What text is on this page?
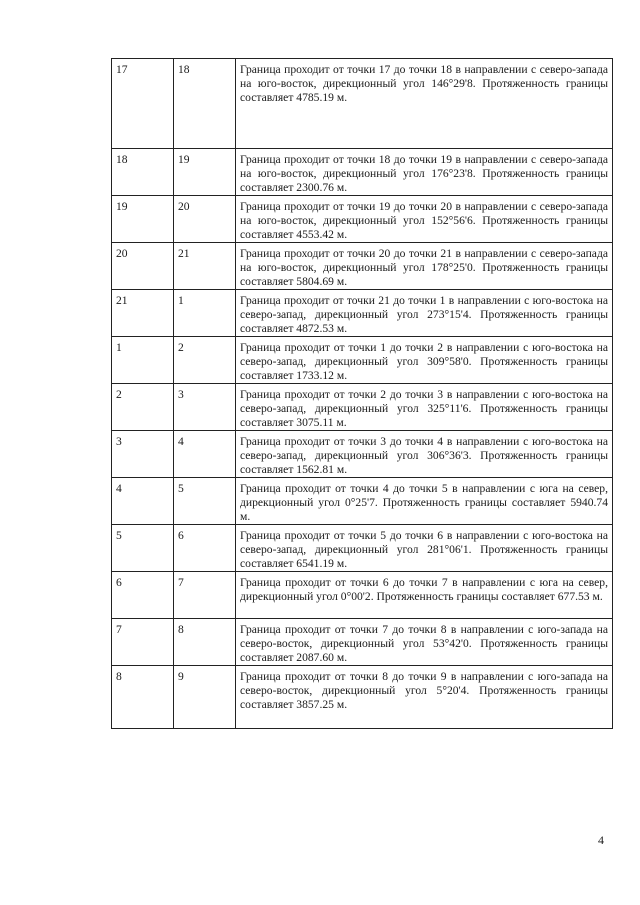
17	18	Граница проходит от точки 17 до точки 18 в направлении с северо-запада на юго-восток, дирекционный угол 146°29'8. Протяженность границы составляет 4785.19 м.
18	19	Граница проходит от точки 18 до точки 19 в направлении с северо-запада на юго-восток, дирекционный угол 176°23'8. Протяженность границы составляет 2300.76 м.
19	20	Граница проходит от точки 19 до точки 20 в направлении с северо-запада на юго-восток, дирекционный угол 152°56'6. Протяженность границы составляет 4553.42 м.
20	21	Граница проходит от точки 20 до точки 21 в направлении с северо-запада на юго-восток, дирекционный угол 178°25'0. Протяженность границы составляет 5804.69 м.
21	1	Граница проходит от точки 21 до точки 1 в направлении с юго-востока на северо-запад, дирекционный угол 273°15'4. Протяженность границы составляет 4872.53 м.
1	2	Граница проходит от точки 1 до точки 2 в направлении с юго-востока на северо-запад, дирекционный угол 309°58'0. Протяженность границы составляет 1733.12 м.
2	3	Граница проходит от точки 2 до точки 3 в направлении с юго-востока на северо-запад, дирекционный угол 325°11'6. Протяженность границы составляет 3075.11 м.
3	4	Граница проходит от точки 3 до точки 4 в направлении с юго-востока на северо-запад, дирекционный угол 306°36'3. Протяженность границы составляет 1562.81 м.
4	5	Граница проходит от точки 4 до точки 5 в направлении с юга на север, дирекционный угол 0°25'7. Протяженность границы составляет 5940.74 м.
5	6	Граница проходит от точки 5 до точки 6 в направлении с юго-востока на северо-запад, дирекционный угол 281°06'1. Протяженность границы составляет 6541.19 м.
6	7	Граница проходит от точки 6 до точки 7 в направлении с юга на север, дирекционный угол 0°00'2. Протяженность границы составляет 677.53 м.
7	8	Граница проходит от точки 7 до точки 8 в направлении с юго-запада на северо-восток, дирекционный угол 53°42'0. Протяженность границы составляет 2087.60 м.
8	9	Граница проходит от точки 8 до точки 9 в направлении с юго-запада на северо-восток, дирекционный угол 5°20'4. Протяженность границы составляет 3857.25 м.
4
